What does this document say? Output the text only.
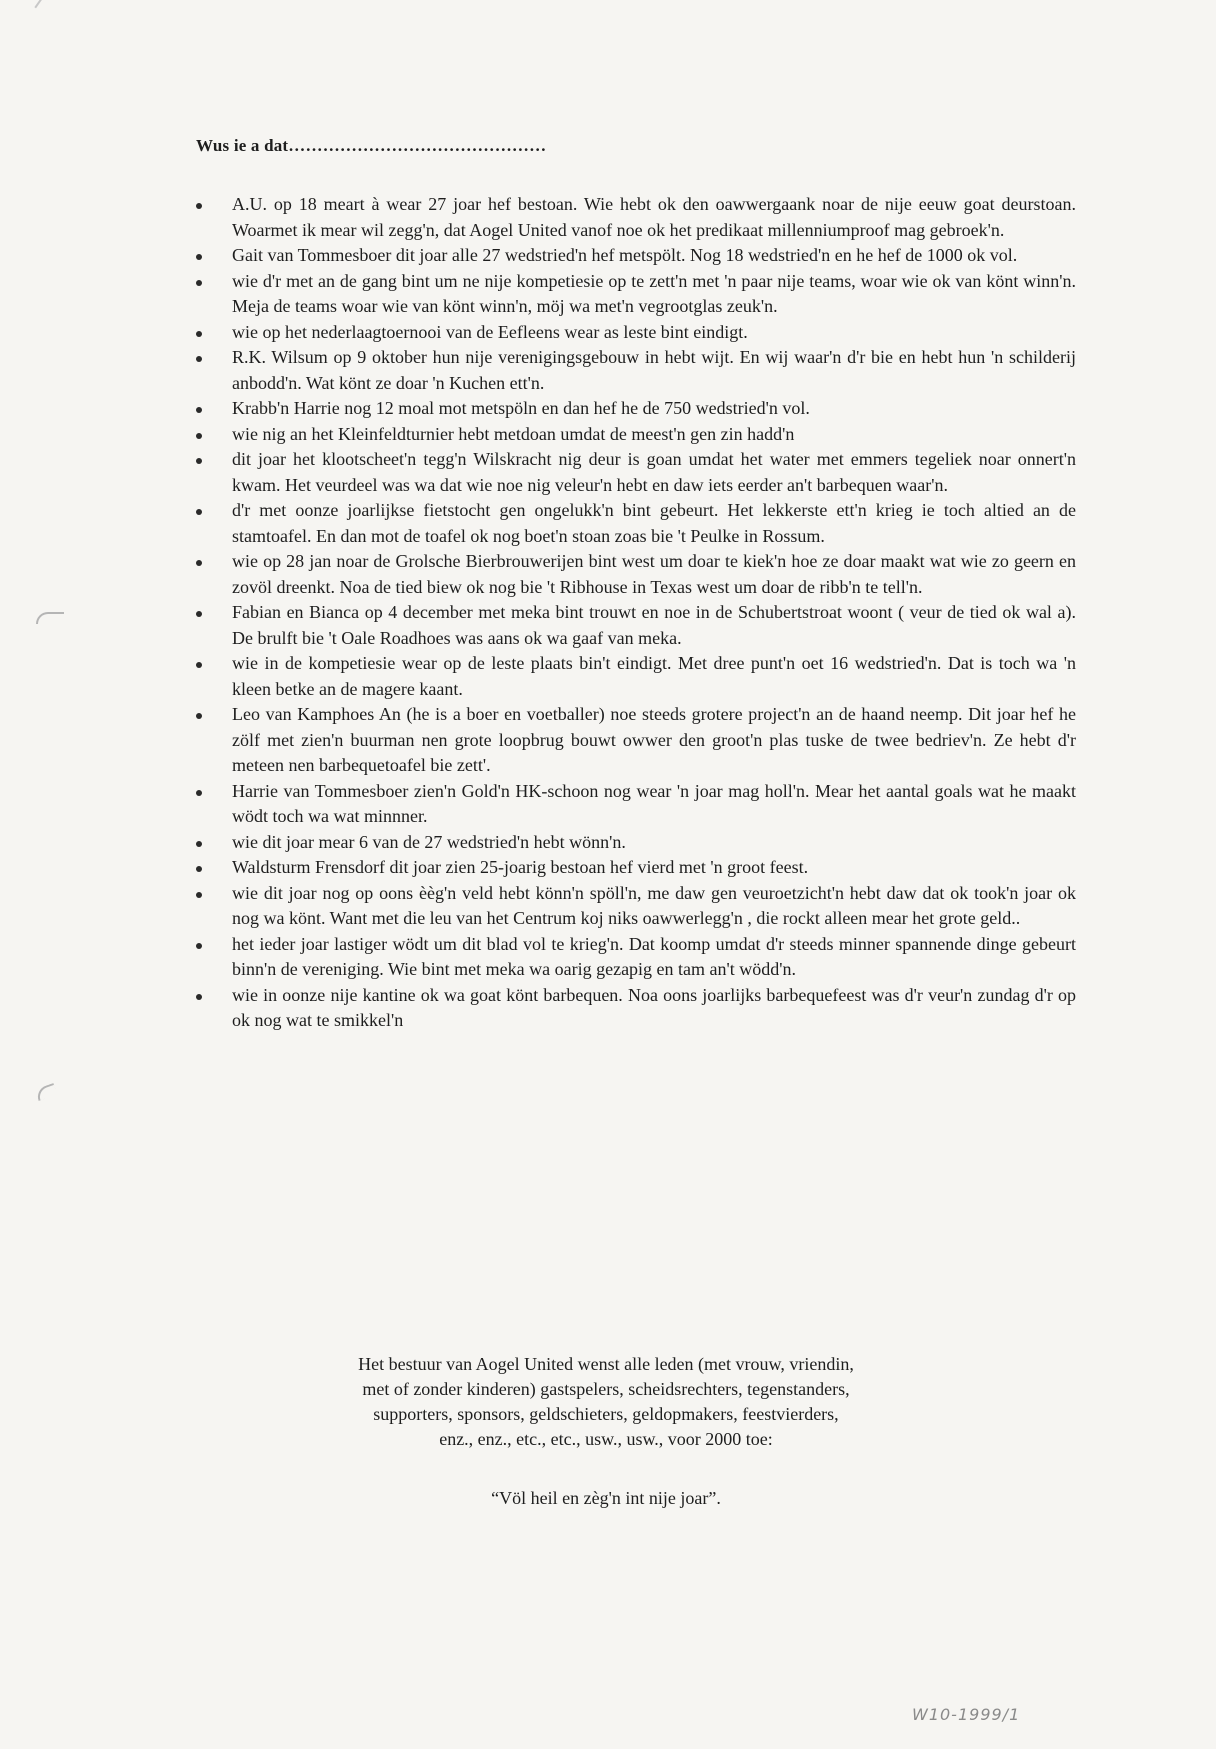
Wus ie a dat………………………………………
A.U. op 18 meart à wear 27 joar hef bestoan. Wie hebt ok den oawwergaank noar de nije eeuw goat deurstoan. Woarmet ik mear wil zegg'n, dat Aogel United vanof noe ok het predikaat millenniumproof mag gebroek'n.
Gait van Tommesboer dit joar alle 27 wedstried'n hef metspölt. Nog 18 wedstried'n en he hef de 1000 ok vol.
wie d'r met an de gang bint um ne nije kompetiesie op te zett'n met 'n paar nije teams, woar wie ok van könt winn'n. Meja de teams woar wie van könt winn'n, möj wa met'n vegrootglas zeuk'n.
wie op het nederlaagtoernooi van de Eefleens wear as leste bint eindigt.
R.K. Wilsum op 9 oktober hun nije verenigingsgebouw in hebt wijt. En wij waar'n d'r bie en hebt hun 'n schilderij anbodd'n. Wat könt ze doar 'n Kuchen ett'n.
Krabb'n Harrie nog 12 moal mot metspöln en dan hef he de 750 wedstried'n vol.
wie nig an het Kleinfeldturnier hebt metdoan umdat de meest'n gen zin hadd'n
dit joar het klootscheet'n tegg'n Wilskracht nig deur is goan umdat het water met emmers tegeliek noar onnert'n kwam. Het veurdeel was wa dat wie noe nig veleur'n hebt en daw iets eerder an't barbequen waar'n.
d'r met oonze joarlijkse fietstocht gen ongelukk'n bint gebeurt. Het lekkerste ett'n krieg ie toch altied an de stamtoafel. En dan mot de toafel ok nog boet'n stoan zoas bie 't Peulke in Rossum.
wie op 28 jan noar de Grolsche Bierbrouwerijen bint west um doar te kiek'n hoe ze doar maakt wat wie zo geern en zovöl dreenkt. Noa de tied biew ok nog bie 't Ribhouse in Texas west um doar de ribb'n te tell'n.
Fabian en Bianca op 4 december met meka bint trouwt en noe in de Schubertstroat woont ( veur de tied ok wal a). De brulft bie 't Oale Roadhoes was aans ok wa gaaf van meka.
wie in de kompetiesie wear op de leste plaats bin't eindigt. Met dree punt'n oet 16 wedstried'n. Dat is toch wa 'n kleen betke an de magere kaant.
Leo van Kamphoes An (he is a boer en voetballer) noe steeds grotere project'n an de haand neemp. Dit joar hef he zölf met zien'n buurman nen grote loopbrug bouwt owwer den groot'n plas tuske de twee bedriev'n. Ze hebt d'r meteen nen barbequetoafel bie zett'.
Harrie van Tommesboer zien'n Gold'n HK-schoon nog wear 'n joar mag holl'n. Mear het aantal goals wat he maakt wödt toch wa wat minnner.
wie dit joar mear 6 van de 27 wedstried'n hebt wönn'n.
Waldsturm Frensdorf dit joar zien 25-joarig bestoan hef vierd met 'n groot feest.
wie dit joar nog op oons èèg'n veld hebt könn'n spöll'n, me daw gen veuroetzicht'n hebt daw dat ok took'n joar ok nog wa könt. Want met die leu van het Centrum koj niks oawwerlegg'n , die rockt alleen mear het grote geld..
het ieder joar lastiger wödt um dit blad vol te krieg'n. Dat koomp umdat d'r steeds minner spannende dinge gebeurt binn'n de vereniging. Wie bint met meka wa oarig gezapig en tam an't wödd'n.
wie in oonze nije kantine ok wa goat könt barbequen. Noa oons joarlijks barbequefeest was d'r veur'n zundag d'r op ok nog wat te smikkel'n

Het bestuur van Aogel United wenst alle leden (met vrouw, vriendin,

met of zonder kinderen) gastspelers, scheidsrechters, tegenstanders,

supporters, sponsors, geldschieters, geldopmakers, feestvierders,

enz., enz., etc., etc., usw., usw., voor 2000 toe:

“Völ heil en zèg'n int nije joar”.
W10-1999/1
